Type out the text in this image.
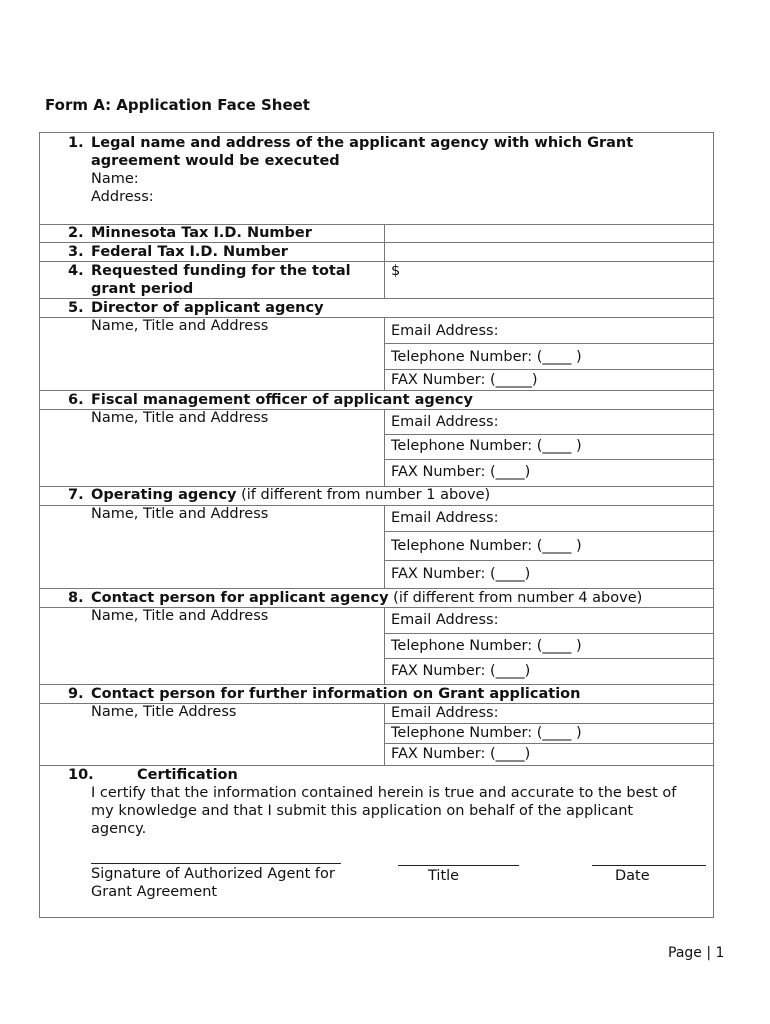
Form A: Application Face Sheet
1. Legal name and address of the applicant agency with which Grant
agreement would be executed
Name:
Address:
2. Minnesota Tax I.D. Number
3. Federal Tax I.D. Number
4. Requested funding for the total
grant period
$
5. Director of applicant agency
Name, Title and Address	Email Address:
Telephone Number: (____ )
FAX Number: (_____)
6. Fiscal management officer of applicant agency
Name, Title and Address	Email Address:
Telephone Number: (____ )
FAX Number: (____)
7. Operating agency (if different from number 1 above)
Name, Title and Address	Email Address:
Telephone Number: (____ )
FAX Number: (____)
8. Contact person for applicant agency (if different from number 4 above)
Name, Title and Address	Email Address:
Telephone Number: (____ )
FAX Number: (____)
9. Contact person for further information on Grant application
Name, Title Address	Email Address:
Telephone Number: (____ )
FAX Number: (____)
10.	Certification
I certify that the information contained herein is true and accurate to the best of
my knowledge and that I submit this application on behalf of the applicant
agency.
Signature of Authorized Agent for
Grant Agreement
Title	Date
Page | 1
